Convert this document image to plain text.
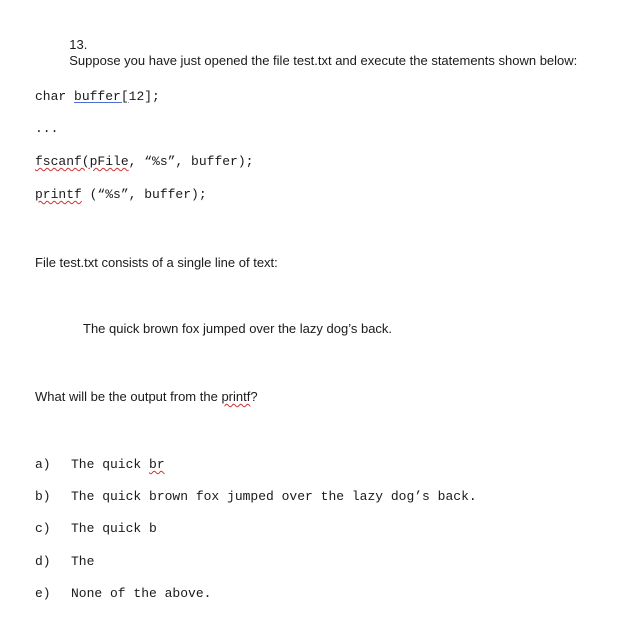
13.
Suppose you have just opened the file test.txt and execute the statements shown below:

char buffer[12];
...
fscanf(pFile, “%s”, buffer);
printf (“%s”, buffer);
File test.txt consists of a single line of text:
The quick brown fox jumped over the lazy dog’s back.
What will be the output from the printf?
a) The quick br
b) The quick brown fox jumped over the lazy dog’s back.
c) The quick b
d) The
e) None of the above.
